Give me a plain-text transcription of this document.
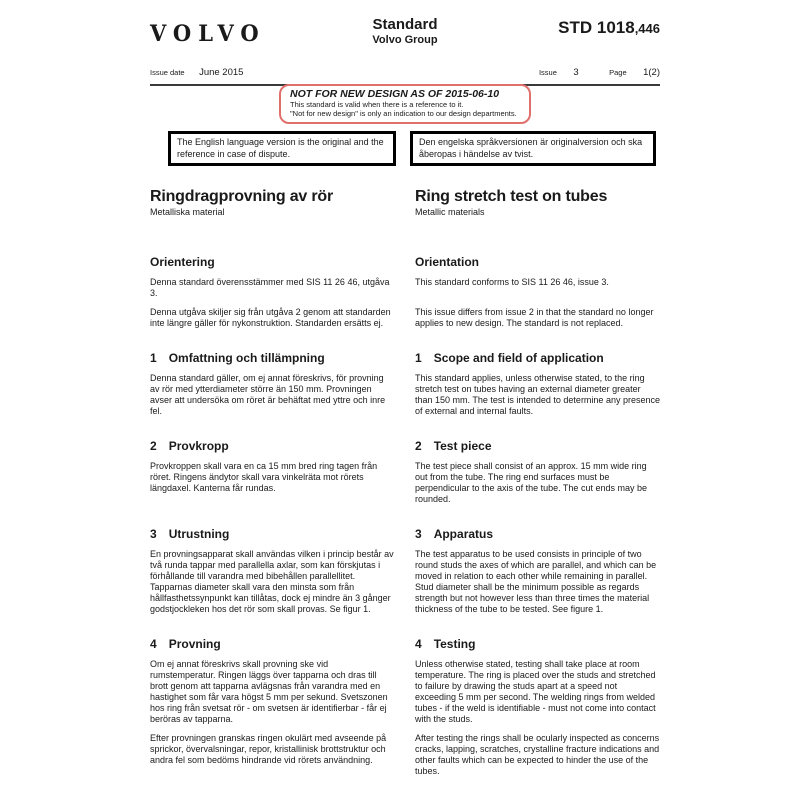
VOLVO	Standard
Volvo Group
STD 1018,446
Issue date June 2015	Issue 3	Page 1(2)
NOT FOR NEW DESIGN AS OF 2015-06-10
This standard is valid when there is a reference to it.
"Not for new design" is only an indication to our design departments.
The English language version is the original and the reference in case of dispute.
Den engelska språkversionen är originalversion och ska åberopas i händelse av tvist.
Ringdragprovning av rör
Metalliska material
Ring stretch test on tubes
Metallic materials
Orientering	Orientation

Denna standard överensstämmer med SIS 11 26 46, utgåva 3.

This standard conforms to SIS 11 26 46, issue 3.

Denna utgåva skiljer sig från utgåva 2 genom att standarden inte längre gäller för nykonstruktion. Standarden ersätts ej.

This issue differs from issue 2 in that the standard no longer applies to new design. The standard is not replaced.

1 Omfattning och tillämpning	1 Scope and field of application

Denna standard gäller, om ej annat föreskrivs, för provning av rör med ytterdiameter större än 150 mm. Provningen avser att undersöka om röret är behäftat med yttre och inre fel.

This standard applies, unless otherwise stated, to the ring stretch test on tubes having an external diameter greater than 150 mm. The test is intended to determine any presence of external and internal faults.

2 Provkropp	2 Test piece

Provkroppen skall vara en ca 15 mm bred ring tagen från röret. Ringens ändytor skall vara vinkelräta mot rörets längdaxel. Kanterna får rundas.

The test piece shall consist of an approx. 15 mm wide ring out from the tube. The ring end surfaces must be perpendicular to the axis of the tube. The cut ends may be rounded.

3 Utrustning	3 Apparatus

En provningsapparat skall användas vilken i princip består av två runda tappar med parallella axlar, som kan förskjutas i förhållande till varandra med bibehållen parallellitet. Tapparnas diameter skall vara den minsta som från hållfasthetssynpunkt kan tillåtas, dock ej mindre än 3 gånger godstjockleken hos det rör som skall provas. Se figur 1.

The test apparatus to be used consists in principle of two round studs the axes of which are parallel, and which can be moved in relation to each other while remaining in parallel. Stud diameter shall be the minimum possible as regards strength but not however less than three times the material thickness of the tube to be tested. See figure 1.

4 Provning	4 Testing

Om ej annat föreskrivs skall provning ske vid rumstemperatur. Ringen läggs över tapparna och dras till brott genom att tapparna avlägsnas från varandra med en hastighet som får vara högst 5 mm per sekund. Svetszonen hos ring från svetsat rör - om svetsen är identifierbar - får ej beröras av tapparna.

Unless otherwise stated, testing shall take place at room temperature. The ring is placed over the studs and stretched to failure by drawing the studs apart at a speed not exceeding 5 mm per second. The welding rings from welded tubes - if the weld is identifiable - must not come into contact with the studs.

Efter provningen granskas ringen okulärt med avseende på sprickor, övervalsningar, repor, kristallinisk brottstruktur och andra fel som bedöms hindrande vid rörets användning.

After testing the rings shall be ocularly inspected as concerns cracks, lapping, scratches, crystalline fracture indications and other faults which can be expected to hinder the use of the tubes.
